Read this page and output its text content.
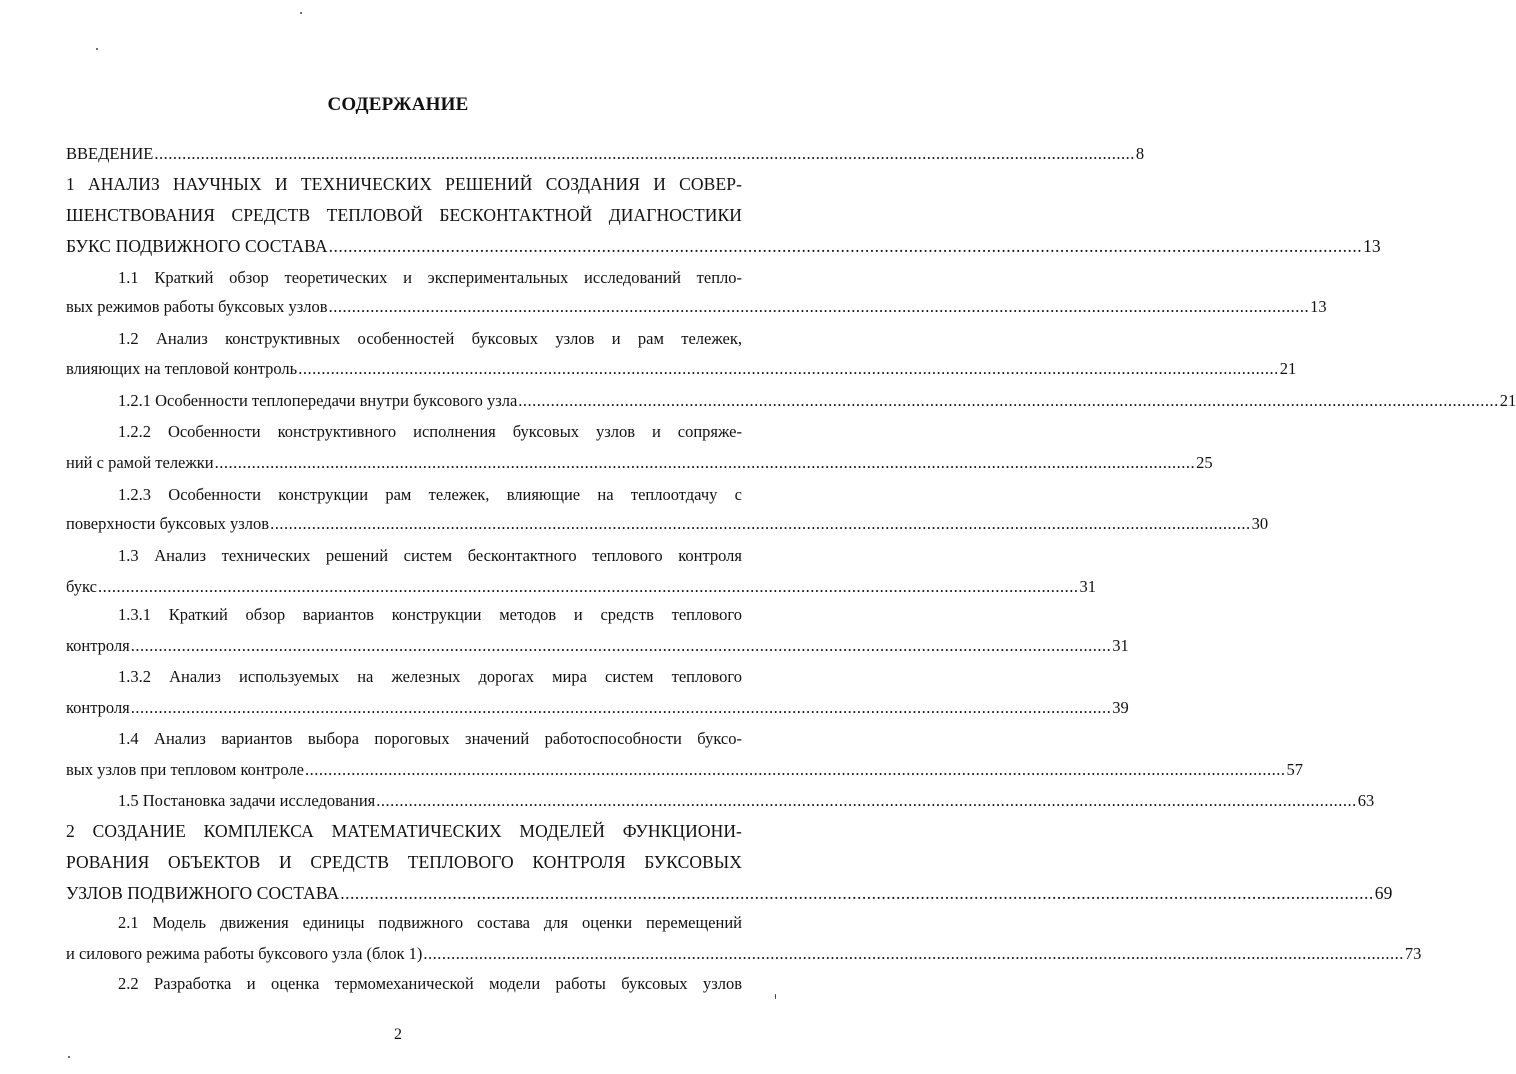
СОДЕРЖАНИЕ
ВВЕДЕНИЕ .................................................................................................................................................................................................................... 8
1 АНАЛИЗ НАУЧНЫХ И ТЕХНИЧЕСКИХ РЕШЕНИЙ СОЗДАНИЯ И СОВЕР-
ШЕНСТВОВАНИЯ СРЕДСТВ ТЕПЛОВОЙ БЕСКОНТАКТНОЙ ДИАГНОСТИКИ
БУКС ПОДВИЖНОГО СОСТАВА .................................................................................................................................................................................................................... 13
1.1 Краткий обзор теоретических и экспериментальных исследований тепло-
вых режимов работы буксовых узлов .................................................................................................................................................................................................................... 13
1.2 Анализ конструктивных особенностей буксовых узлов и рам тележек,
влияющих на тепловой контроль .................................................................................................................................................................................................................... 21
1.2.1 Особенности теплопередачи внутри буксового узла .................................................................................................................................................................................................................... 21
1.2.2 Особенности конструктивного исполнения буксовых узлов и сопряже-
ний с рамой тележки .................................................................................................................................................................................................................... 25
1.2.3 Особенности конструкции рам тележек, влияющие на теплоотдачу с
поверхности буксовых узлов .................................................................................................................................................................................................................... 30
1.3 Анализ технических решений систем бесконтактного теплового контроля
букс .................................................................................................................................................................................................................... 31
1.3.1 Краткий обзор вариантов конструкции методов и средств теплового
контроля .................................................................................................................................................................................................................... 31
1.3.2 Анализ используемых на железных дорогах мира систем теплового
контроля .................................................................................................................................................................................................................... 39
1.4 Анализ вариантов выбора пороговых значений работоспособности буксо-
вых узлов при тепловом контроле .................................................................................................................................................................................................................... 57
1.5 Постановка задачи исследования .................................................................................................................................................................................................................... 63
2 СОЗДАНИЕ КОМПЛЕКСА МАТЕМАТИЧЕСКИХ МОДЕЛЕЙ ФУНКЦИОНИ-
РОВАНИЯ ОБЪЕКТОВ И СРЕДСТВ ТЕПЛОВОГО КОНТРОЛЯ БУКСОВЫХ
УЗЛОВ ПОДВИЖНОГО СОСТАВА .................................................................................................................................................................................................................... 69
2.1 Модель движения единицы подвижного состава для оценки перемещений
и силового режима работы буксового узла (блок 1) .................................................................................................................................................................................................................... 73
2.2 Разработка и оценка термомеханической модели работы буксовых узлов
2
